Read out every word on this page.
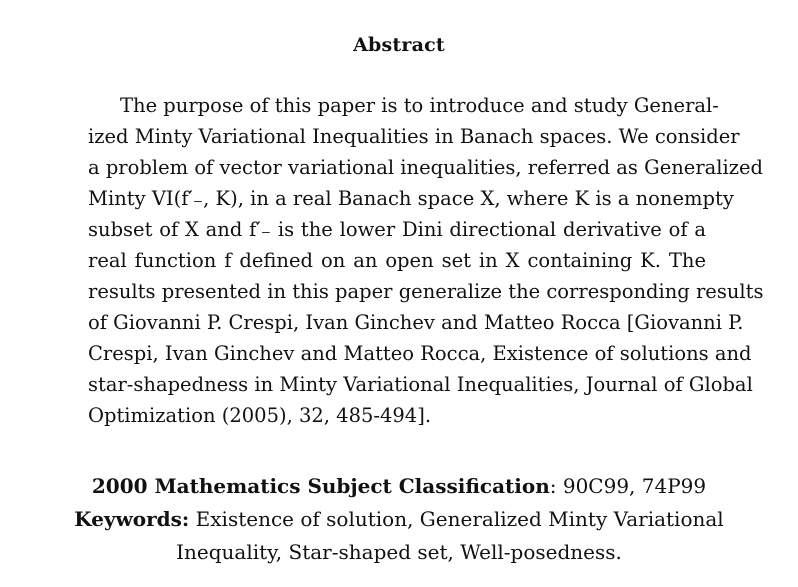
Abstract
The purpose of this paper is to introduce and study General-
ized Minty Variational Inequalities in Banach spaces. We consider
a problem of vector variational inequalities, referred as Generalized
Minty VI(f′₋, K), in a real Banach space X, where K is a nonempty
subset of X and f′₋ is the lower Dini directional derivative of a
real function f defined on an open set in X containing K. The
results presented in this paper generalize the corresponding results
of Giovanni P. Crespi, Ivan Ginchev and Matteo Rocca [Giovanni P.
Crespi, Ivan Ginchev and Matteo Rocca, Existence of solutions and
star-shapedness in Minty Variational Inequalities, Journal of Global
Optimization (2005), 32, 485-494].
2000 Mathematics Subject Classification: 90C99, 74P99
Keywords: Existence of solution, Generalized Minty Variational
Inequality, Star-shaped set, Well-posedness.
